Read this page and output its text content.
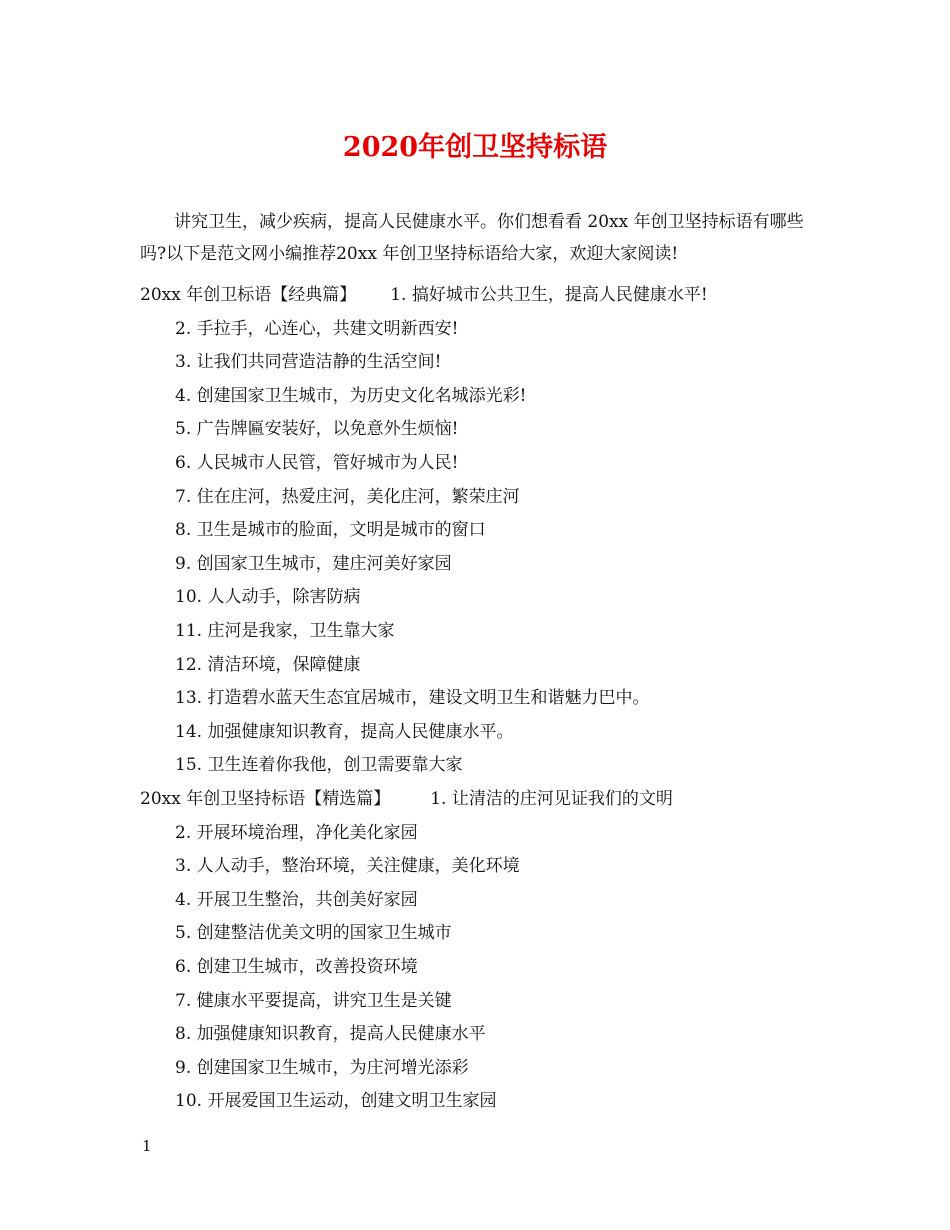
2020年创卫坚持标语

讲究卫生，减少疾病，提高人民健康水平。你们想看看 20xx 年创卫坚持标语有哪些吗?以下是范文网小编推荐20xx 年创卫坚持标语给大家，欢迎大家阅读!

20xx 年创卫标语【经典篇】 1. 搞好城市公共卫生，提高人民健康水平!
2. 手拉手，心连心，共建文明新西安!
3. 让我们共同营造洁静的生活空间!
4. 创建国家卫生城市，为历史文化名城添光彩!
5. 广告牌匾安装好，以免意外生烦恼!
6. 人民城市人民管，管好城市为人民!
7. 住在庄河，热爱庄河，美化庄河，繁荣庄河
8. 卫生是城市的脸面，文明是城市的窗口
9. 创国家卫生城市，建庄河美好家园
10. 人人动手，除害防病
11. 庄河是我家，卫生靠大家
12. 清洁环境，保障健康
13. 打造碧水蓝天生态宜居城市，建设文明卫生和谐魅力巴中。
14. 加强健康知识教育，提高人民健康水平。
15. 卫生连着你我他，创卫需要靠大家
20xx 年创卫坚持标语【精选篇】 1. 让清洁的庄河见证我们的文明
2. 开展环境治理，净化美化家园
3. 人人动手，整治环境，关注健康，美化环境
4. 开展卫生整治，共创美好家园
5. 创建整洁优美文明的国家卫生城市
6. 创建卫生城市，改善投资环境
7. 健康水平要提高，讲究卫生是关键
8. 加强健康知识教育，提高人民健康水平
9. 创建国家卫生城市，为庄河增光添彩
10. 开展爱国卫生运动，创建文明卫生家园
1
